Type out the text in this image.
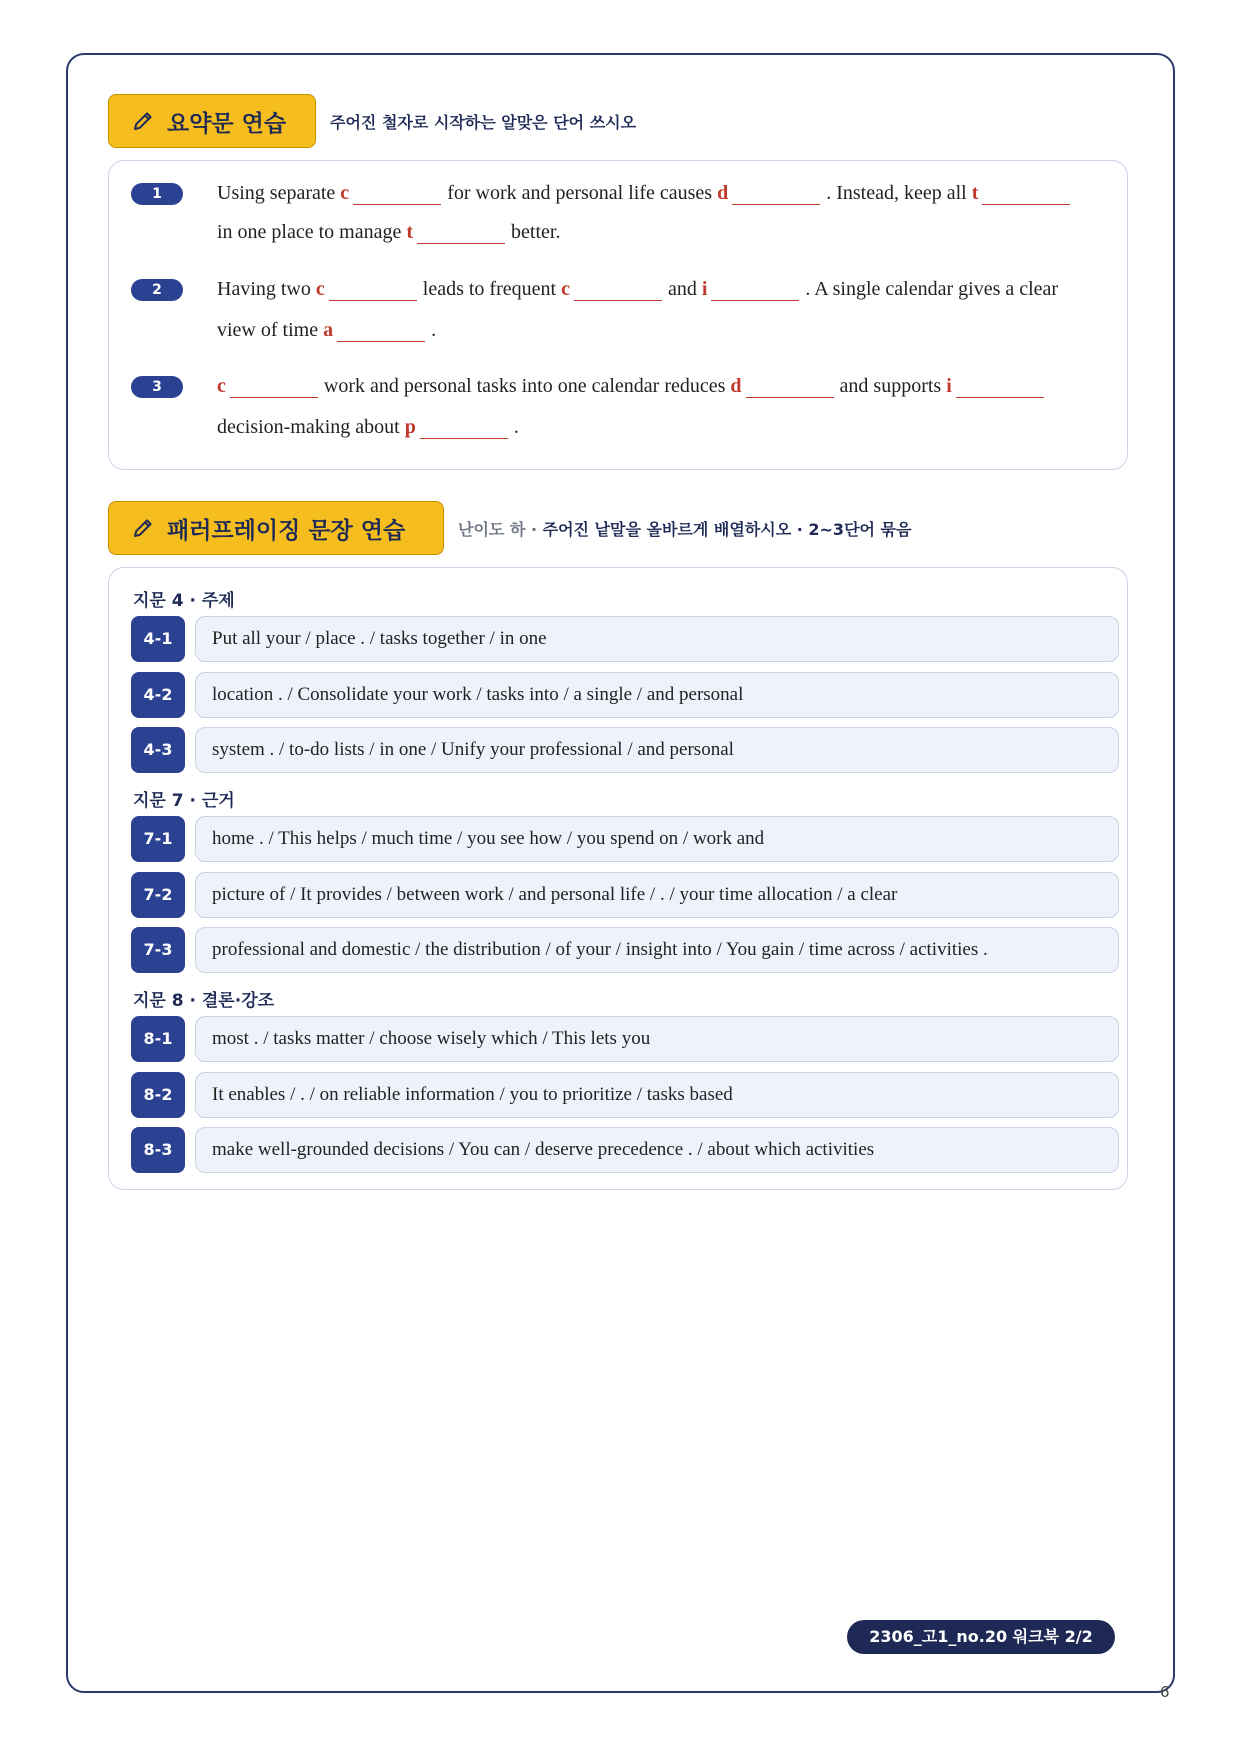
요약문 연습	주어진 철자로 시작하는 알맞은 단어 쓰시오
1	Using separate c	for work and personal life causes d	. Instead, keep all t
in one place to manage t	better.
2	Having two c	leads to frequent c	and i	. A single calendar gives a clear
view of time a	.
3	c	work and personal tasks into one calendar reduces d	and supports i
decision-making about p	.
패러프레이징 문장 연습	난이도 하 · 주어진 낱말을 올바르게 배열하시오 · 2~3단어 묶음
지문 4 · 주제
4-1	Put all your / place . / tasks together / in one
4-2	location . / Consolidate your work / tasks into / a single / and personal
4-3	system . / to-do lists / in one / Unify your professional / and personal
지문 7 · 근거
7-1	home . / This helps / much time / you see how / you spend on / work and
7-2	picture of / It provides / between work / and personal life / . / your time allocation / a clear
7-3	professional and domestic / the distribution / of your / insight into / You gain / time across / activities .
지문 8 · 결론·강조
8-1	most . / tasks matter / choose wisely which / This lets you
8-2	It enables / . / on reliable information / you to prioritize / tasks based
8-3	make well-grounded decisions / You can / deserve precedence . / about which activities
2306_고1_no.20 워크북 2/2
6
